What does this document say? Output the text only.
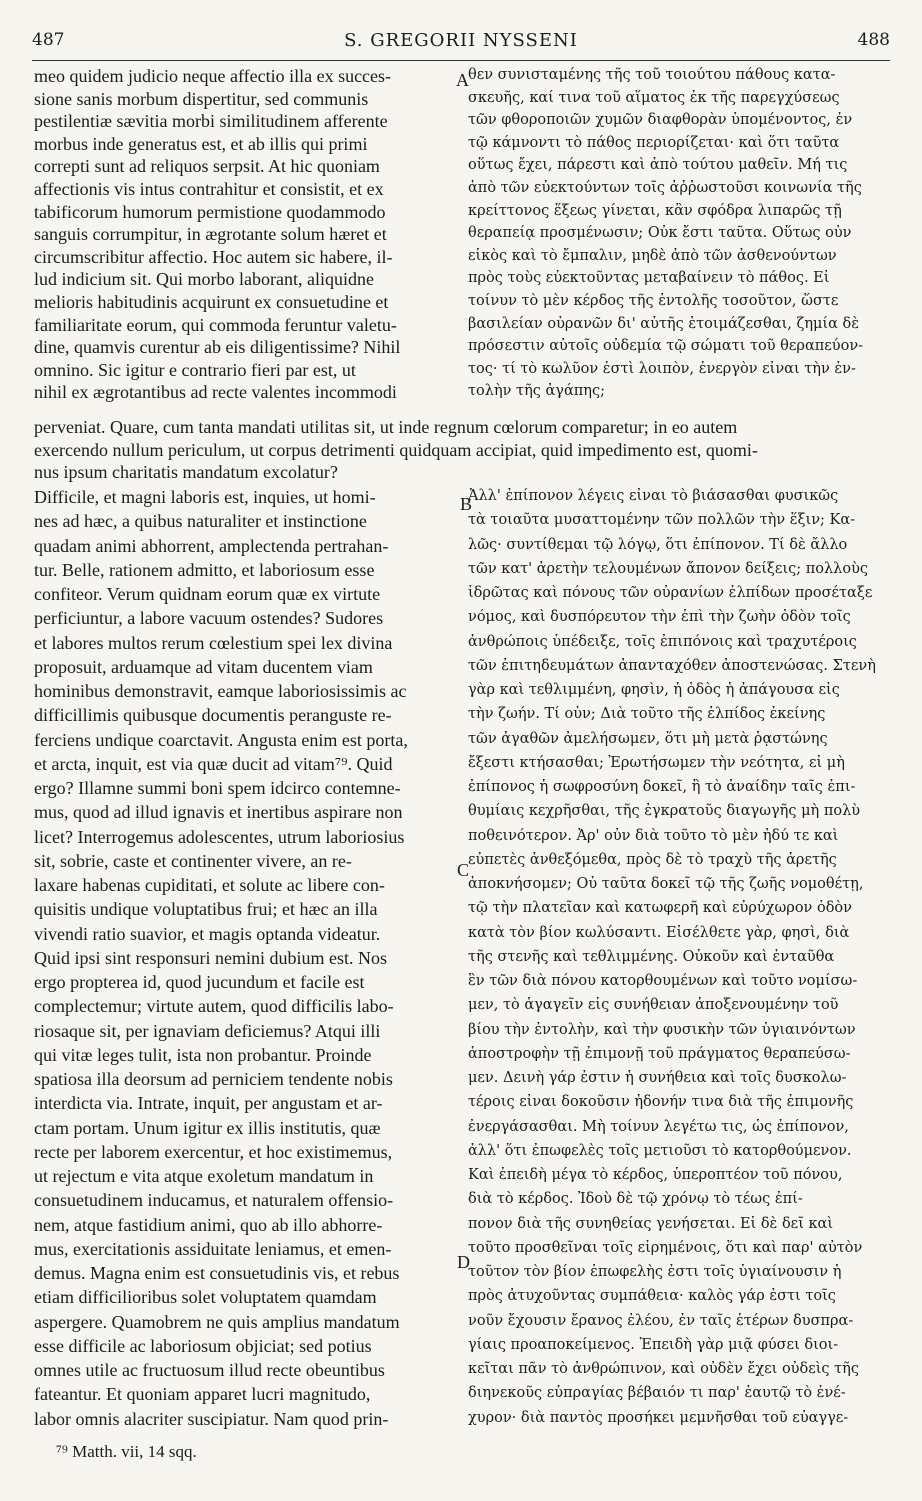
487	S. GREGORII NYSSENI	488
meo quidem judicio neque affectio illa ex succes-
sione sanis morbum dispertitur, sed communis
pestilentiæ sævitia morbi similitudinem afferente
morbus inde generatus est, et ab illis qui primi
correpti sunt ad reliquos serpsit. At hic quoniam
affectionis vis intus contrahitur et consistit, et ex
tabificorum humorum permistione quodammodo
sanguis corrumpitur, in ægrotante solum hæret et
circumscribitur affectio. Hoc autem sic habere, il-
lud indicium sit. Qui morbo laborant, aliquidne
melioris habitudinis acquirunt ex consuetudine et
familiaritate eorum, qui commoda feruntur valetu-
dine, quamvis curentur ab eis diligentissime? Nihil
omnino. Sic igitur e contrario fieri par est, ut
nihil ex ægrotantibus ad recte valentes incommodi
θεν συνισταμένης τῆς τοῦ τοιούτου πάθους κατα-
σκευῆς, καί τινα τοῦ αἵματος ἐκ τῆς παρεγχύσεως
τῶν φθοροποιῶν χυμῶν διαφθορὰν ὑπομένοντος, ἐν
τῷ κάμνοντι τὸ πάθος περιορίζεται· καὶ ὅτι ταῦτα
οὕτως ἔχει, πάρεστι καὶ ἀπὸ τούτου μαθεῖν. Μή τις
ἀπὸ τῶν εὐεκτούντων τοῖς ἀῤῥωστοῦσι κοινωνία τῆς
κρείττονος ἕξεως γίνεται, κἂν σφόδρα λιπαρῶς τῇ
θεραπείᾳ προσμένωσιν; Οὐκ ἔστι ταῦτα. Οὕτως οὖν
εἰκὸς καὶ τὸ ἔμπαλιν, μηδὲ ἀπὸ τῶν ἀσθενούντων
πρὸς τοὺς εὐεκτοῦντας μεταβαίνειν τὸ πάθος. Εἰ
τοίνυν τὸ μὲν κέρδος τῆς ἐντολῆς τοσοῦτον, ὥστε
βασιλείαν οὐρανῶν δι' αὐτῆς ἑτοιμάζεσθαι, ζημία δὲ
πρόσεστιν αὐτοῖς οὐδεμία τῷ σώματι τοῦ θεραπεύον-
τος· τί τὸ κωλῦον ἐστὶ λοιπὸν, ἐνεργὸν εἶναι τὴν ἐν-
τολὴν τῆς ἀγάπης;
perveniat. Quare, cum tanta mandati utilitas sit, ut inde regnum cœlorum comparetur; in eo autem
exercendo nullum periculum, ut corpus detrimenti quidquam accipiat, quid impedimento est, quomi-
nus ipsum charitatis mandatum excolatur?
Difficile, et magni laboris est, inquies, ut homi-
nes ad hæc, a quibus naturaliter et instinctione
quadam animi abhorrent, amplectenda pertrahan-
tur. Belle, rationem admitto, et laboriosum esse
confiteor. Verum quidnam eorum quæ ex virtute
perficiuntur, a labore vacuum ostendes? Sudores
et labores multos rerum cœlestium spei lex divina
proposuit, arduamque ad vitam ducentem viam
hominibus demonstravit, eamque laboriosissimis ac
difficillimis quibusque documentis peranguste re-
ferciens undique coarctavit. Angusta enim est porta,
et arcta, inquit, est via quæ ducit ad vitam⁷⁹. Quid
ergo? Illamne summi boni spem idcirco contemne-
mus, quod ad illud ignavis et inertibus aspirare non
licet? Interrogemus adolescentes, utrum laboriosius
sit, sobrie, caste et continenter vivere, an re-
laxare habenas cupiditati, et solute ac libere con-
quisitis undique voluptatibus frui; et hæc an illa
vivendi ratio suavior, et magis optanda videatur.
Quid ipsi sint responsuri nemini dubium est. Nos
ergo propterea id, quod jucundum et facile est
complectemur; virtute autem, quod difficilis labo-
riosaque sit, per ignaviam deficiemus? Atqui illi
qui vitæ leges tulit, ista non probantur. Proinde
spatiosa illa deorsum ad perniciem tendente nobis
interdicta via. Intrate, inquit, per angustam et ar-
ctam portam. Unum igitur ex illis institutis, quæ
recte per laborem exercentur, et hoc existimemus,
ut rejectum e vita atque exoletum mandatum in
consuetudinem inducamus, et naturalem offensio-
nem, atque fastidium animi, quo ab illo abhorre-
mus, exercitationis assiduitate leniamus, et emen-
demus. Magna enim est consuetudinis vis, et rebus
etiam difficilioribus solet voluptatem quamdam
aspergere. Quamobrem ne quis amplius mandatum
esse difficile ac laboriosum objiciat; sed potius
omnes utile ac fructuosum illud recte obeuntibus
fateantur. Et quoniam apparet lucri magnitudo,
labor omnis alacriter suscipiatur. Nam quod prin-
Ἀλλ' ἐπίπονον λέγεις εἶναι τὸ βιάσασθαι φυσικῶς
τὰ τοιαῦτα μυσαττομένην τῶν πολλῶν τὴν ἕξιν; Κα-
λῶς· συντίθεμαι τῷ λόγῳ, ὅτι ἐπίπονον. Τί δὲ ἄλλο
τῶν κατ' ἀρετὴν τελουμένων ἄπονον δείξεις; πολλοὺς
ἱδρῶτας καὶ πόνους τῶν οὐρανίων ἐλπίδων προσέταξε
νόμος, καὶ δυσπόρευτον τὴν ἐπὶ τὴν ζωὴν ὁδὸν τοῖς
ἀνθρώποις ὑπέδειξε, τοῖς ἐπιπόνοις καὶ τραχυτέροις
τῶν ἐπιτηδευμάτων ἀπανταχόθεν ἀποστενώσας. Στενὴ
γὰρ καὶ τεθλιμμένη, φησὶν, ἡ ὁδὸς ἡ ἀπάγουσα εἰς
τὴν ζωήν. Τί οὖν; Διὰ τοῦτο τῆς ἐλπίδος ἐκείνης
τῶν ἀγαθῶν ἀμελήσωμεν, ὅτι μὴ μετὰ ῥᾳστώνης
ἔξεστι κτήσασθαι; Ἐρωτήσωμεν τὴν νεότητα, εἰ μὴ
ἐπίπονος ἡ σωφροσύνη δοκεῖ, ἢ τὸ ἀναίδην ταῖς ἐπι-
θυμίαις κεχρῆσθαι, τῆς ἐγκρατοῦς διαγωγῆς μὴ πολὺ
ποθεινότερον. Ἆρ' οὖν διὰ τοῦτο τὸ μὲν ἡδύ τε καὶ
εὐπετὲς ἀνθεξόμεθα, πρὸς δὲ τὸ τραχὺ τῆς ἀρετῆς
ἀποκνήσομεν; Οὐ ταῦτα δοκεῖ τῷ τῆς ζωῆς νομοθέτῃ,
τῷ τὴν πλατεῖαν καὶ κατωφερῆ καὶ εὐρύχωρον ὁδὸν
κατὰ τὸν βίον κωλύσαντι. Εἰσέλθετε γὰρ, φησὶ, διὰ
τῆς στενῆς καὶ τεθλιμμένης. Οὐκοῦν καὶ ἐνταῦθα
ἓν τῶν διὰ πόνου κατορθουμένων καὶ τοῦτο νομίσω-
μεν, τὸ ἀγαγεῖν εἰς συνήθειαν ἀποξενουμένην τοῦ
βίου τὴν ἐντολὴν, καὶ τὴν φυσικὴν τῶν ὑγιαινόντων
ἀποστροφὴν τῇ ἐπιμονῇ τοῦ πράγματος θεραπεύσω-
μεν. Δεινὴ γάρ ἐστιν ἡ συνήθεια καὶ τοῖς δυσκολω-
τέροις εἶναι δοκοῦσιν ἡδονήν τινα διὰ τῆς ἐπιμονῆς
ἐνεργάσασθαι. Μὴ τοίνυν λεγέτω τις, ὡς ἐπίπονον,
ἀλλ' ὅτι ἐπωφελὲς τοῖς μετιοῦσι τὸ κατορθούμενον.
Καὶ ἐπειδὴ μέγα τὸ κέρδος, ὑπεροπτέον τοῦ πόνου,
διὰ τὸ κέρδος. Ἰδοὺ δὲ τῷ χρόνῳ τὸ τέως ἐπί-
πονον διὰ τῆς συνηθείας γενήσεται. Εἰ δὲ δεῖ καὶ
τοῦτο προσθεῖναι τοῖς εἰρημένοις, ὅτι καὶ παρ' αὐτὸν
τοῦτον τὸν βίον ἐπωφελὴς ἐστι τοῖς ὑγιαίνουσιν ἡ
πρὸς ἀτυχοῦντας συμπάθεια· καλὸς γάρ ἐστι τοῖς
νοῦν ἔχουσιν ἔρανος ἐλέου, ἐν ταῖς ἑτέρων δυσπρα-
γίαις προαποκείμενος. Ἐπειδὴ γὰρ μιᾷ φύσει διοι-
κεῖται πᾶν τὸ ἀνθρώπινον, καὶ οὐδὲν ἔχει οὐδεὶς τῆς
διηνεκοῦς εὐπραγίας βέβαιόν τι παρ' ἑαυτῷ τὸ ἐνέ-
χυρον· διὰ παντὸς προσήκει μεμνῆσθαι τοῦ εὐαγγε-
A
B
C
D
⁷⁹ Matth. vii, 14 sqq.
